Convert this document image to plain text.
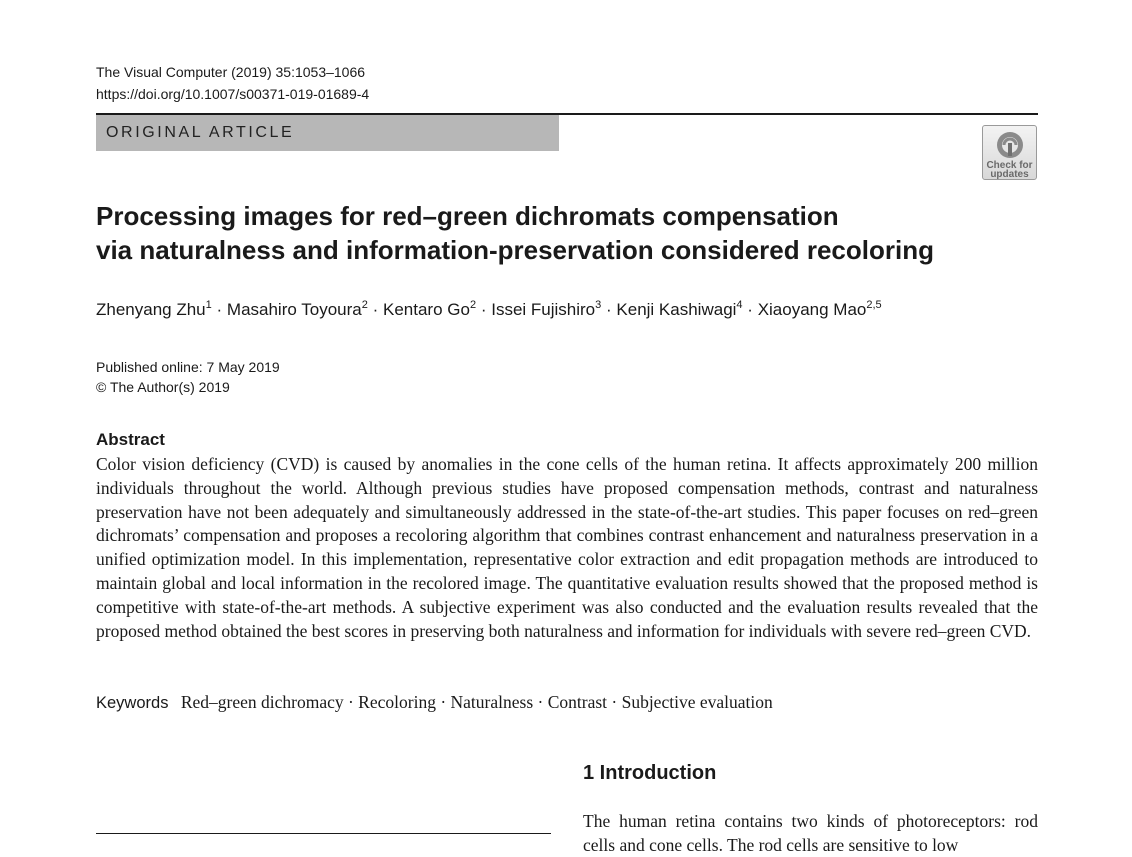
The Visual Computer (2019) 35:1053–1066
https://doi.org/10.1007/s00371-019-01689-4
ORIGINAL ARTICLE
Check for
updates
Processing images for red–green dichromats compensation
via naturalness and information-preservation considered recoloring
Zhenyang Zhu$^1$ · Masahiro Toyoura$^2$ · Kentaro $Go^2$ · Issei Fujishiro$^3$ · Kenji Kashiwagi$^4$ · Xiaoyang Mao$^{2,5}$
Published online: 7 May 2019
© The Author(s) 2019
Abstract

Color vision deficiency (CVD) is caused by anomalies in the cone cells of the human retina. It affects approximately 200 million individuals throughout the world. Although previous studies have proposed compensation methods, contrast and naturalness preservation have not been adequately and simultaneously addressed in the state-of-the-art studies. This paper focuses on red–green dichromats’ compensation and proposes a recoloring algorithm that combines contrast enhancement and naturalness preservation in a unified optimization model. In this implementation, representative color extraction and edit propagation methods are introduced to maintain global and local information in the recolored image. The quantitative evaluation results showed that the proposed method is competitive with state-of-the-art methods. A subjective experiment was also conducted and the evaluation results revealed that the proposed method obtained the best scores in preserving both naturalness and information for individuals with severe red–green CVD.

Keywords Red–green dichromacy · Recoloring · Naturalness · Contrast · Subjective evaluation
1 Introduction

The human retina contains two kinds of photoreceptors: rod cells and cone cells. The rod cells are sensitive to low
